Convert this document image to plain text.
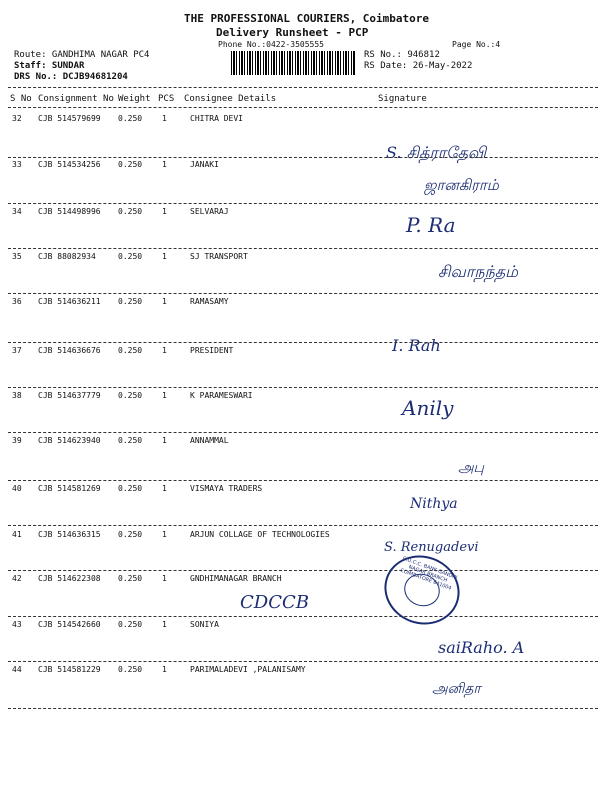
THE PROFESSIONAL COURIERS, Coimbatore
Delivery Runsheet - PCP
Phone No.:0422-3505555	Page No.:4
Route: GANDHIMA NAGAR PC4
Staff: SUNDAR
DRS No.: DCJB94681204
RS No.: 946812
RS Date: 26-May-2022
S No Consignment No Weight PCS Consignee Details	Signature
32 CJB 514579699 0.250 1	CHITRA DEVI
S. சித்ராதேவி
33 CJB 514534256 0.250 1	JANAKI
ஜானகிராம்
34 CJB 514498996 0.250 1	SELVARAJ
P. Ra
35 CJB 88082934	0.250 1	SJ TRANSPORT
சிவாநந்தம்
36 CJB 514636211 0.250 1	RAMASAMY
I. Rah
37 CJB 514636676 0.250 1	PRESIDENT
38 CJB 514637779 0.250 1	K PARAMESWARI
Anily
39 CJB 514623940 0.250 1	ANNAMMAL
அபு
40 CJB 514581269 0.250 1	VISMAYA TRADERS
Nithya
41 CJB 514636315 0.250 1	ARJUN COLLAGE OF TECHNOLOGIES
S. Renugadevi
42 CJB 514622308 0.250 1	GNDHIMANAGAR BRANCH
CDCCB
43 CJB 514542660 0.250 1	SONIYA
saiRaho. A
44 CJB 514581229 0.250 1	PARIMALADEVI ,PALANISAMY
அனிதா
C.D.C.C. BANK GANDHI NAGAR BRANCH COIMBATORE 641004
